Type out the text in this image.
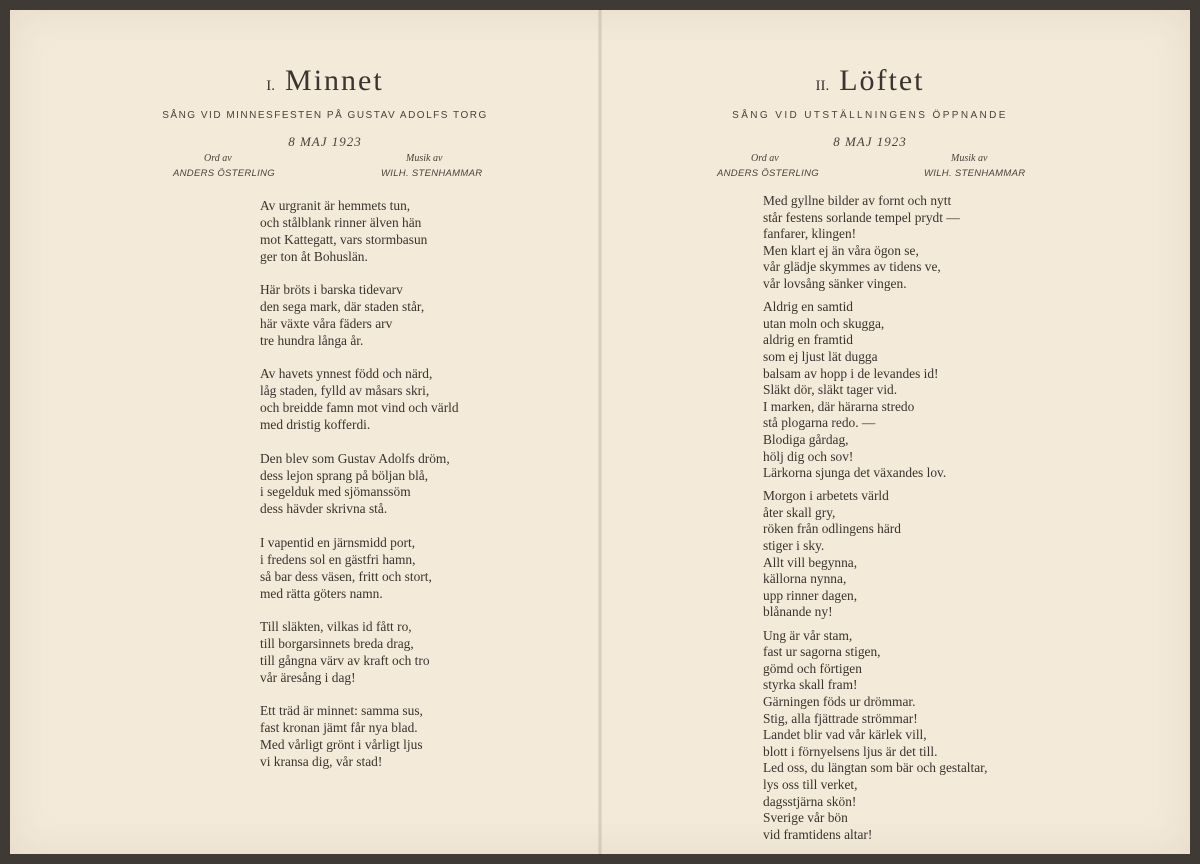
I. Minnet
SÅNG VID MINNESFESTEN PÅ GUSTAV ADOLFS TORG
8 MAJ 1923
Ord av
ANDERS ÖSTERLING
Musik av
WILH. STENHAMMAR
Av urgranit är hemmets tun,
och stålblank rinner älven hän
mot Kattegatt, vars stormbasun
ger ton åt Bohuslän.
Här bröts i barska tidevarv
den sega mark, där staden står,
här växte våra fäders arv
tre hundra långa år.
Av havets ynnest född och närd,
låg staden, fylld av måsars skri,
och breidde famn mot vind och värld
med dristig kofferdi.
Den blev som Gustav Adolfs dröm,
dess lejon sprang på böljan blå,
i segelduk med sjömanssöm
dess hävder skrivna stå.
I vapentid en järnsmidd port,
i fredens sol en gästfri hamn,
så bar dess väsen, fritt och stort,
med rätta göters namn.
Till släkten, vilkas id fått ro,
till borgarsinnets breda drag,
till gångna värv av kraft och tro
vår äresång i dag!
Ett träd är minnet: samma sus,
fast kronan jämt får nya blad.
Med vårligt grönt i vårligt ljus
vi kransa dig, vår stad!
II. Löftet
SÅNG VID UTSTÄLLNINGENS ÖPPNANDE
8 MAJ 1923
Ord av
ANDERS ÖSTERLING
Musik av
WILH. STENHAMMAR
Med gyllne bilder av fornt och nytt
står festens sorlande tempel prydt —
fanfarer, klingen!
Men klart ej än våra ögon se,
vår glädje skymmes av tidens ve,
vår lovsång sänker vingen.
Aldrig en samtid
utan moln och skugga,
aldrig en framtid
som ej ljust lät dugga
balsam av hopp i de levandes id!
Släkt dör, släkt tager vid.
I marken, där härarna stredo
stå plogarna redo. —
Blodiga gårdag,
hölj dig och sov!
Lärkorna sjunga det växandes lov.
Morgon i arbetets värld
åter skall gry,
röken från odlingens härd
stiger i sky.
Allt vill begynna,
källorna nynna,
upp rinner dagen,
blånande ny!
Ung är vår stam,
fast ur sagorna stigen,
gömd och förtigen
styrka skall fram!
Gärningen föds ur drömmar.
Stig, alla fjättrade strömmar!
Landet blir vad vår kärlek vill,
blott i förnyelsens ljus är det till.
Led oss, du längtan som bär och gestaltar,
lys oss till verket,
dagsstjärna skön!
Sverige vår bön
vid framtidens altar!
